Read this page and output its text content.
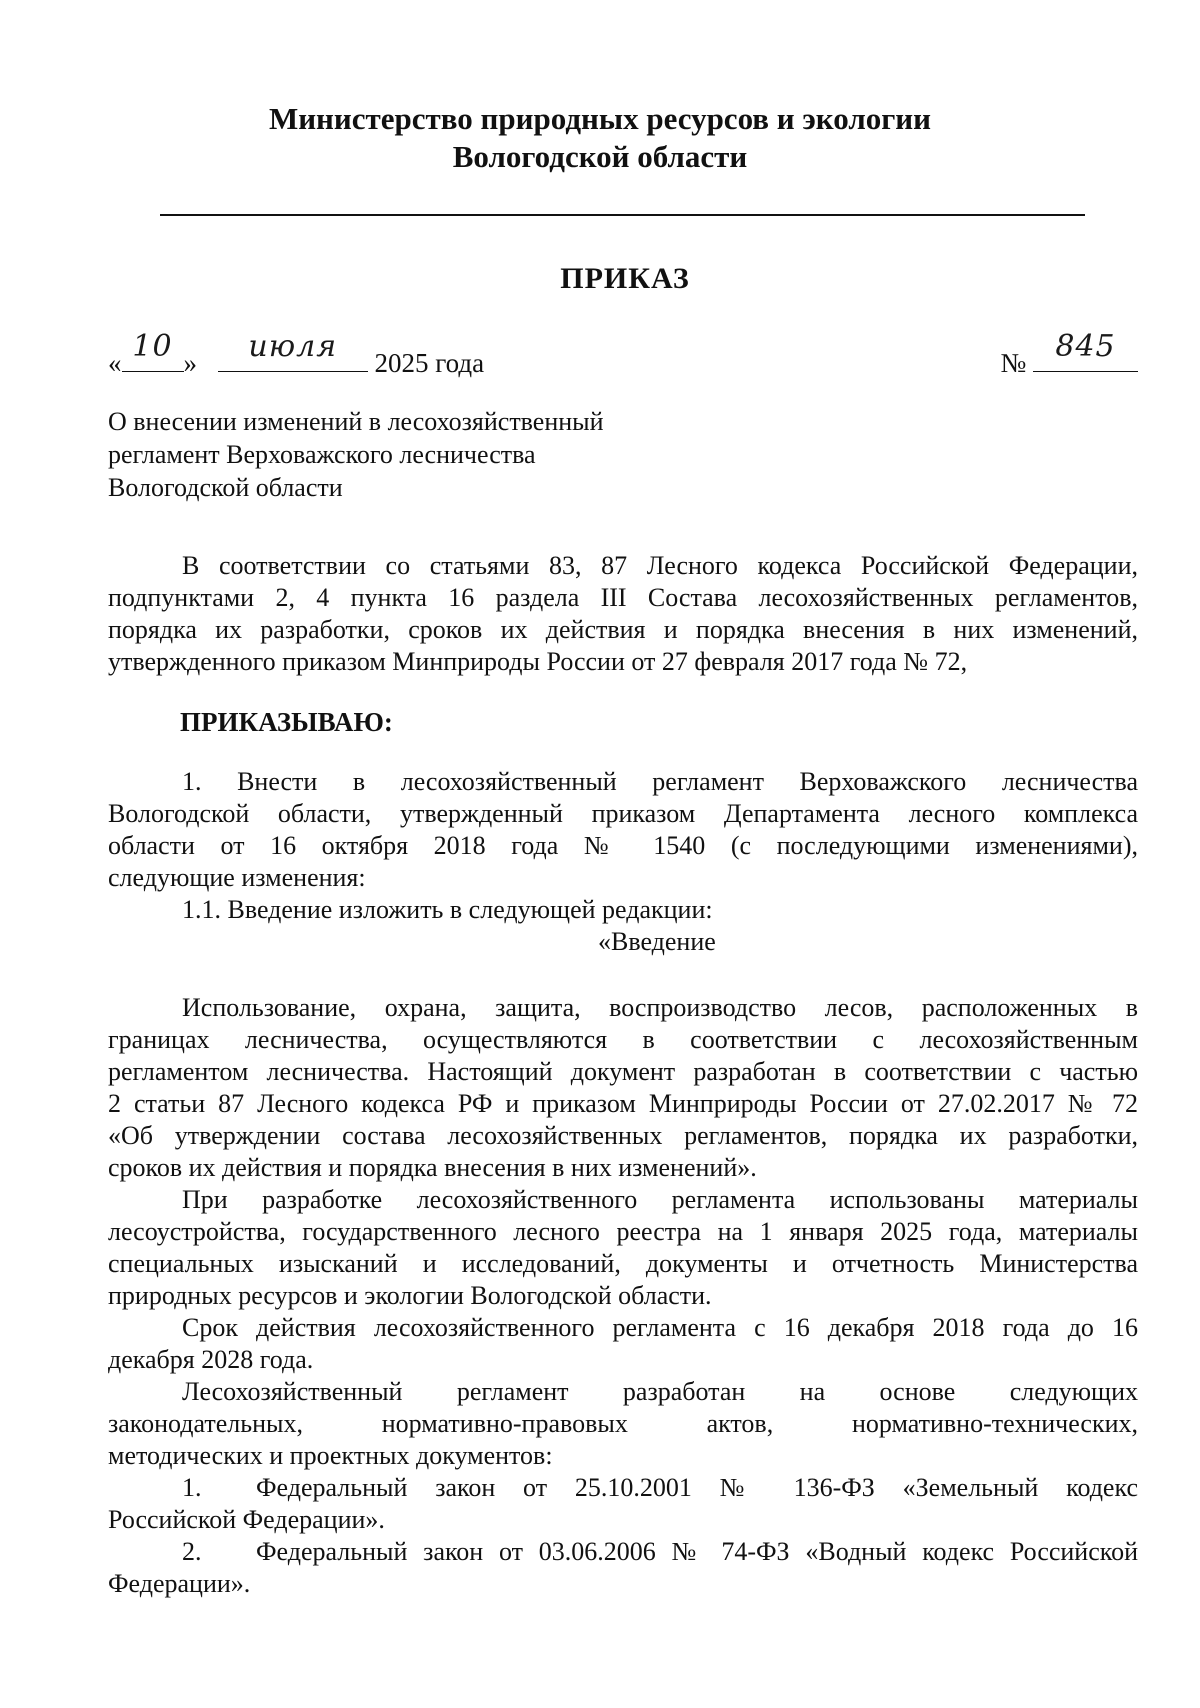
Министерство природных ресурсов и экологии
Вологодской области
ПРИКАЗ
« 10 »	июля	2025 года	№ 845
О внесении изменений в лесохозяйственный
регламент Верховажского лесничества
Вологодской области
В соответствии со статьями 83, 87 Лесного кодекса Российской Федерации,
подпунктами 2, 4 пункта 16 раздела III Состава лесохозяйственных регламентов,
порядка их разработки, сроков их действия и порядка внесения в них изменений,
утвержденного приказом Минприроды России от 27 февраля 2017 года № 72,
ПРИКАЗЫВАЮ:
1. Внести в лесохозяйственный регламент Верховажского лесничества
Вологодской области, утвержденный приказом Департамента лесного комплекса
области от 16 октября 2018 года № 1540 (с последующими изменениями),
следующие изменения:
1.1. Введение изложить в следующей редакции:
«Введение
Использование, охрана, защита, воспроизводство лесов, расположенных в
границах лесничества, осуществляются в соответствии с лесохозяйственным
регламентом лесничества. Настоящий документ разработан в соответствии с частью
2 статьи 87 Лесного кодекса РФ и приказом Минприроды России от 27.02.2017 № 72
«Об утверждении состава лесохозяйственных регламентов, порядка их разработки,
сроков их действия и порядка внесения в них изменений».
При разработке лесохозяйственного регламента использованы материалы
лесоустройства, государственного лесного реестра на 1 января 2025 года, материалы
специальных изысканий и исследований, документы и отчетность Министерства
природных ресурсов и экологии Вологодской области.
Срок действия лесохозяйственного регламента с 16 декабря 2018 года до 16
декабря 2028 года.
Лесохозяйственный регламент разработан на основе следующих
законодательных, нормативно-правовых актов, нормативно-технических,
методических и проектных документов:
1.	Федеральный закон от 25.10.2001 № 136-ФЗ «Земельный кодекс
Российской Федерации».
2.	Федеральный закон от 03.06.2006 № 74-ФЗ «Водный кодекс Российской
Федерации».
